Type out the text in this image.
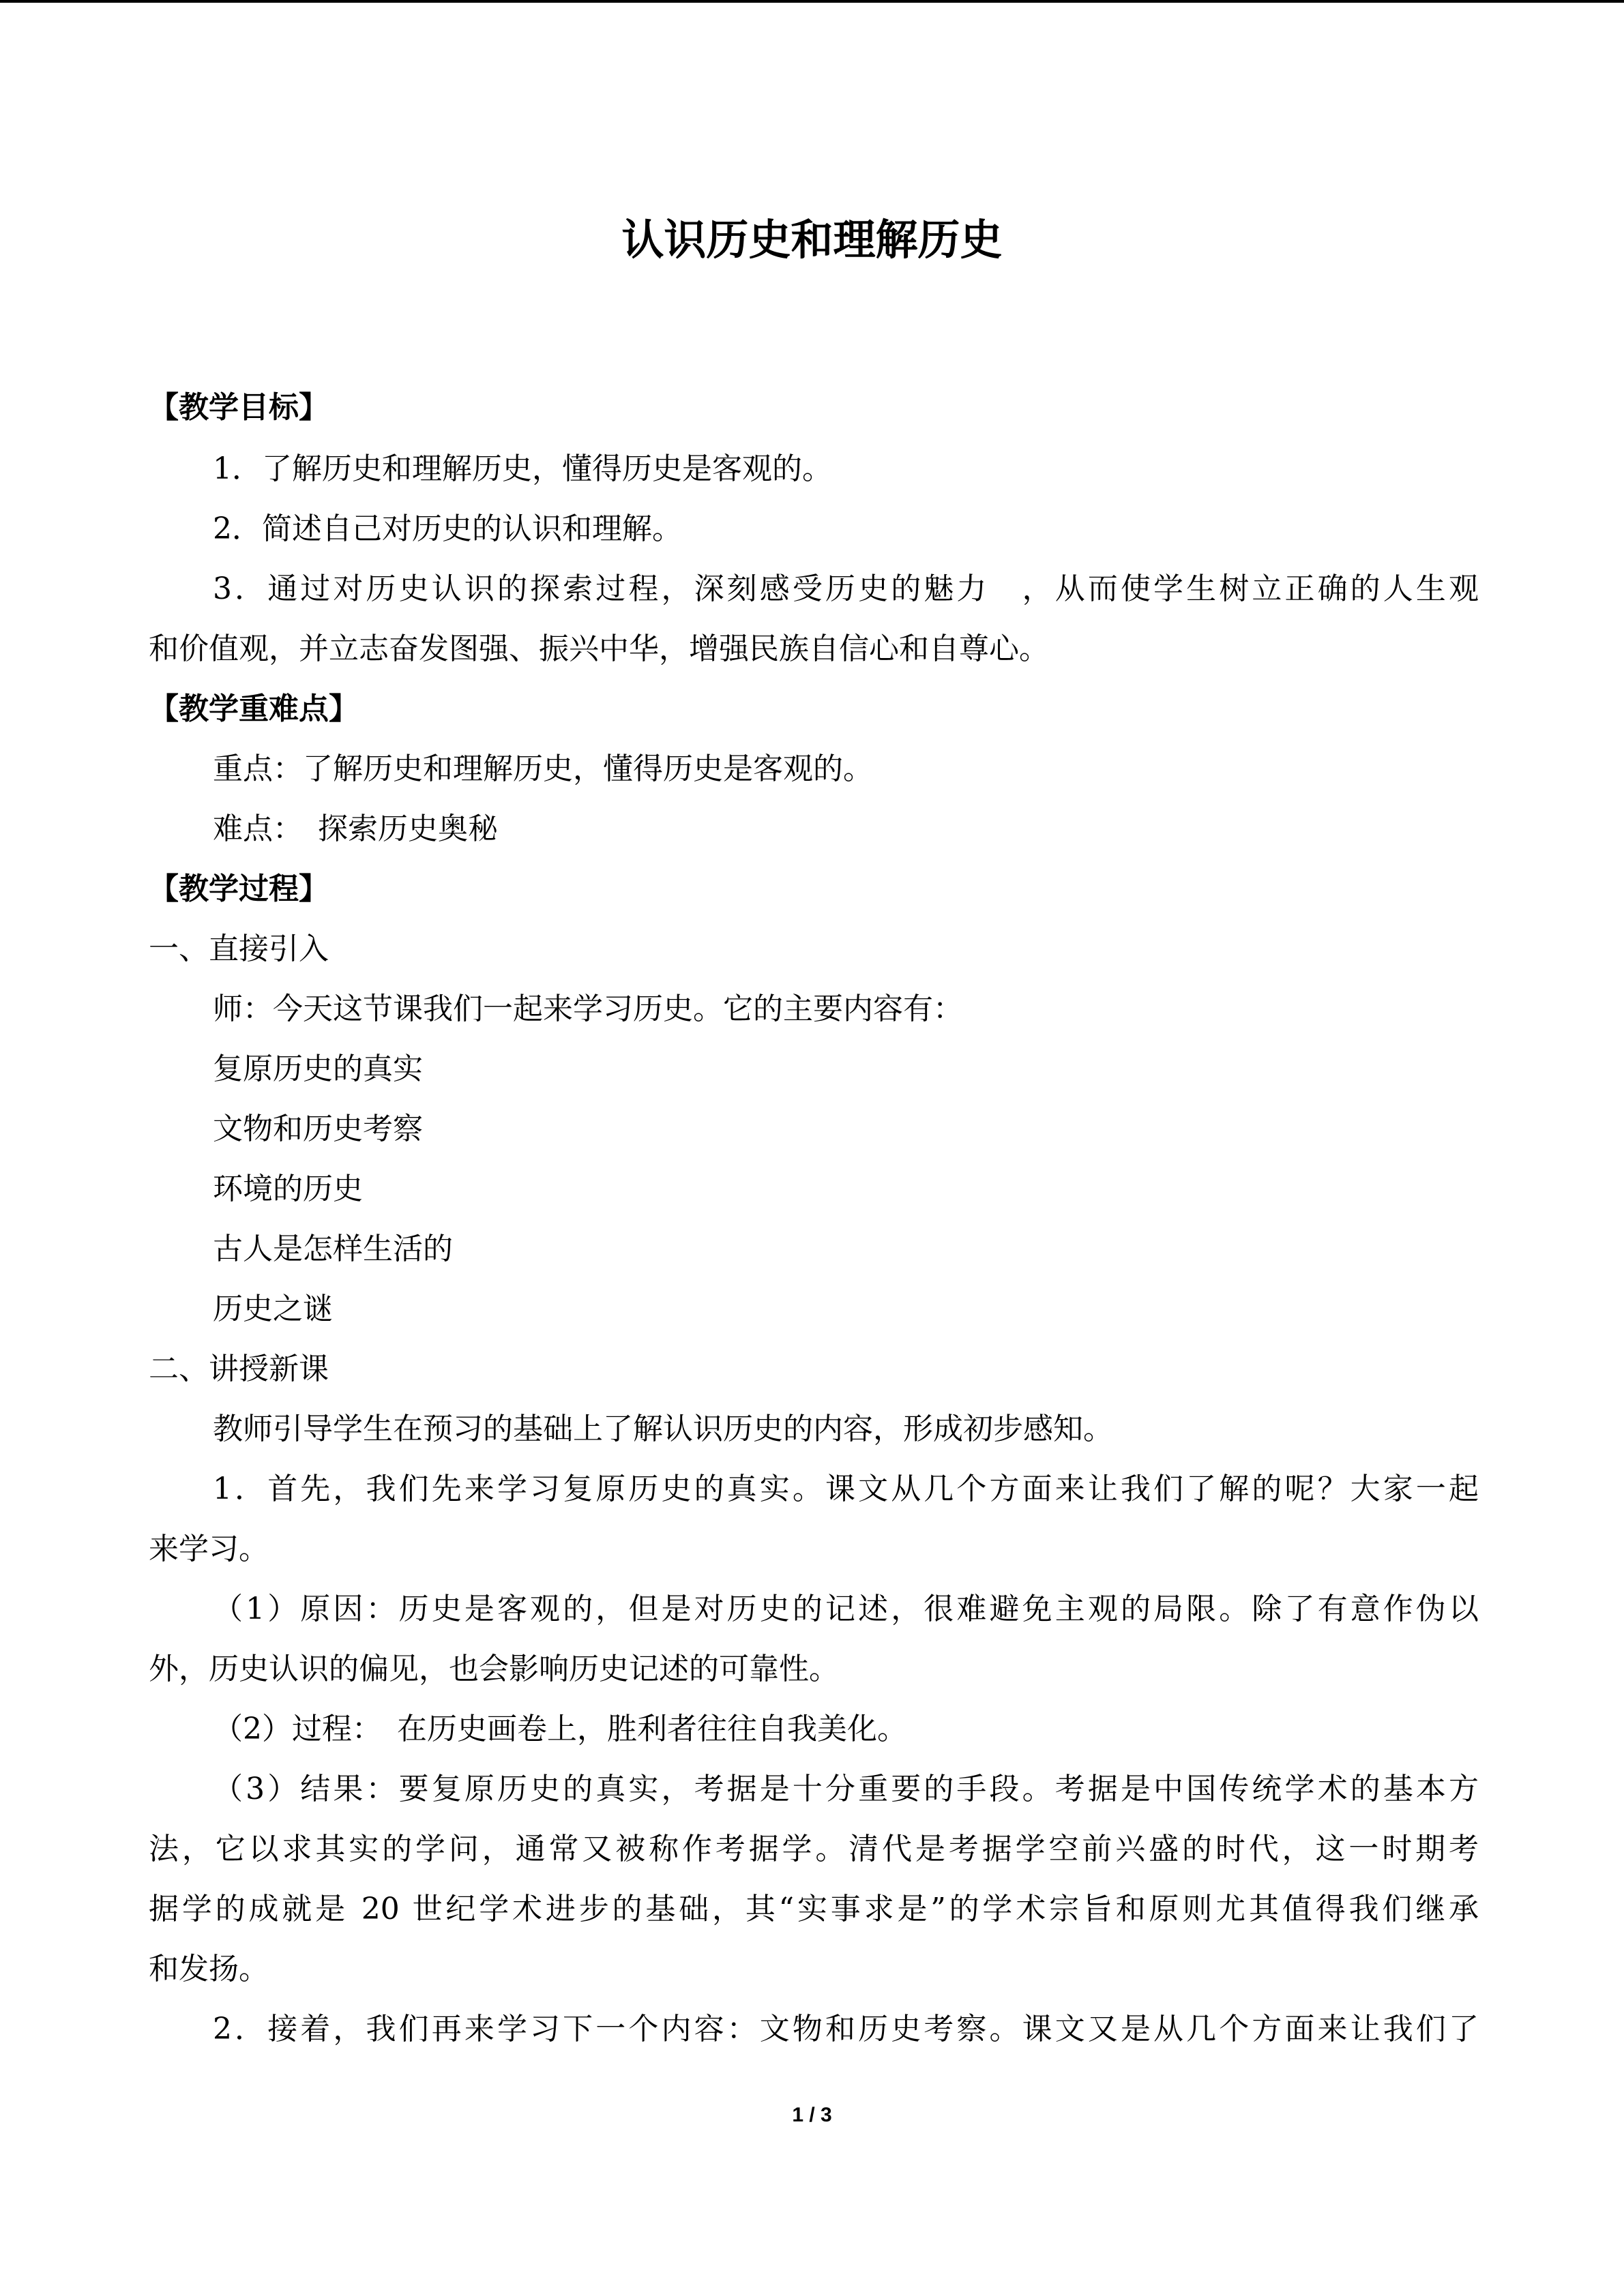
认识历史和理解历史
【教学目标】
1．了解历史和理解历史，懂得历史是客观的。
2．简述自己对历史的认识和理解。
3．通过对历史认识的探索过程，深刻感受历史的魅力　，从而使学生树立正确的人生观
和价值观，并立志奋发图强、振兴中华，增强民族自信心和自尊心。
【教学重难点】
重点：了解历史和理解历史，懂得历史是客观的。
难点：　探索历史奥秘
【教学过程】
一、直接引入
师：今天这节课我们一起来学习历史。它的主要内容有：
复原历史的真实
文物和历史考察
环境的历史
古人是怎样生活的
历史之谜
二、讲授新课
教师引导学生在预习的基础上了解认识历史的内容，形成初步感知。
1．首先，我们先来学习复原历史的真实。课文从几个方面来让我们了解的呢？大家一起
来学习。
（1）原因：历史是客观的，但是对历史的记述，很难避免主观的局限。除了有意作伪以
外，历史认识的偏见，也会影响历史记述的可靠性。
（2）过程：　在历史画卷上，胜利者往往自我美化。
（3）结果：要复原历史的真实，考据是十分重要的手段。考据是中国传统学术的基本方
法，它以求其实的学问，通常又被称作考据学。清代是考据学空前兴盛的时代，这一时期考
据学的成就是 20 世纪学术进步的基础，其“实事求是”的学术宗旨和原则尤其值得我们继承
和发扬。
2．接着，我们再来学习下一个内容：文物和历史考察。课文又是从几个方面来让我们了
1 / 3
